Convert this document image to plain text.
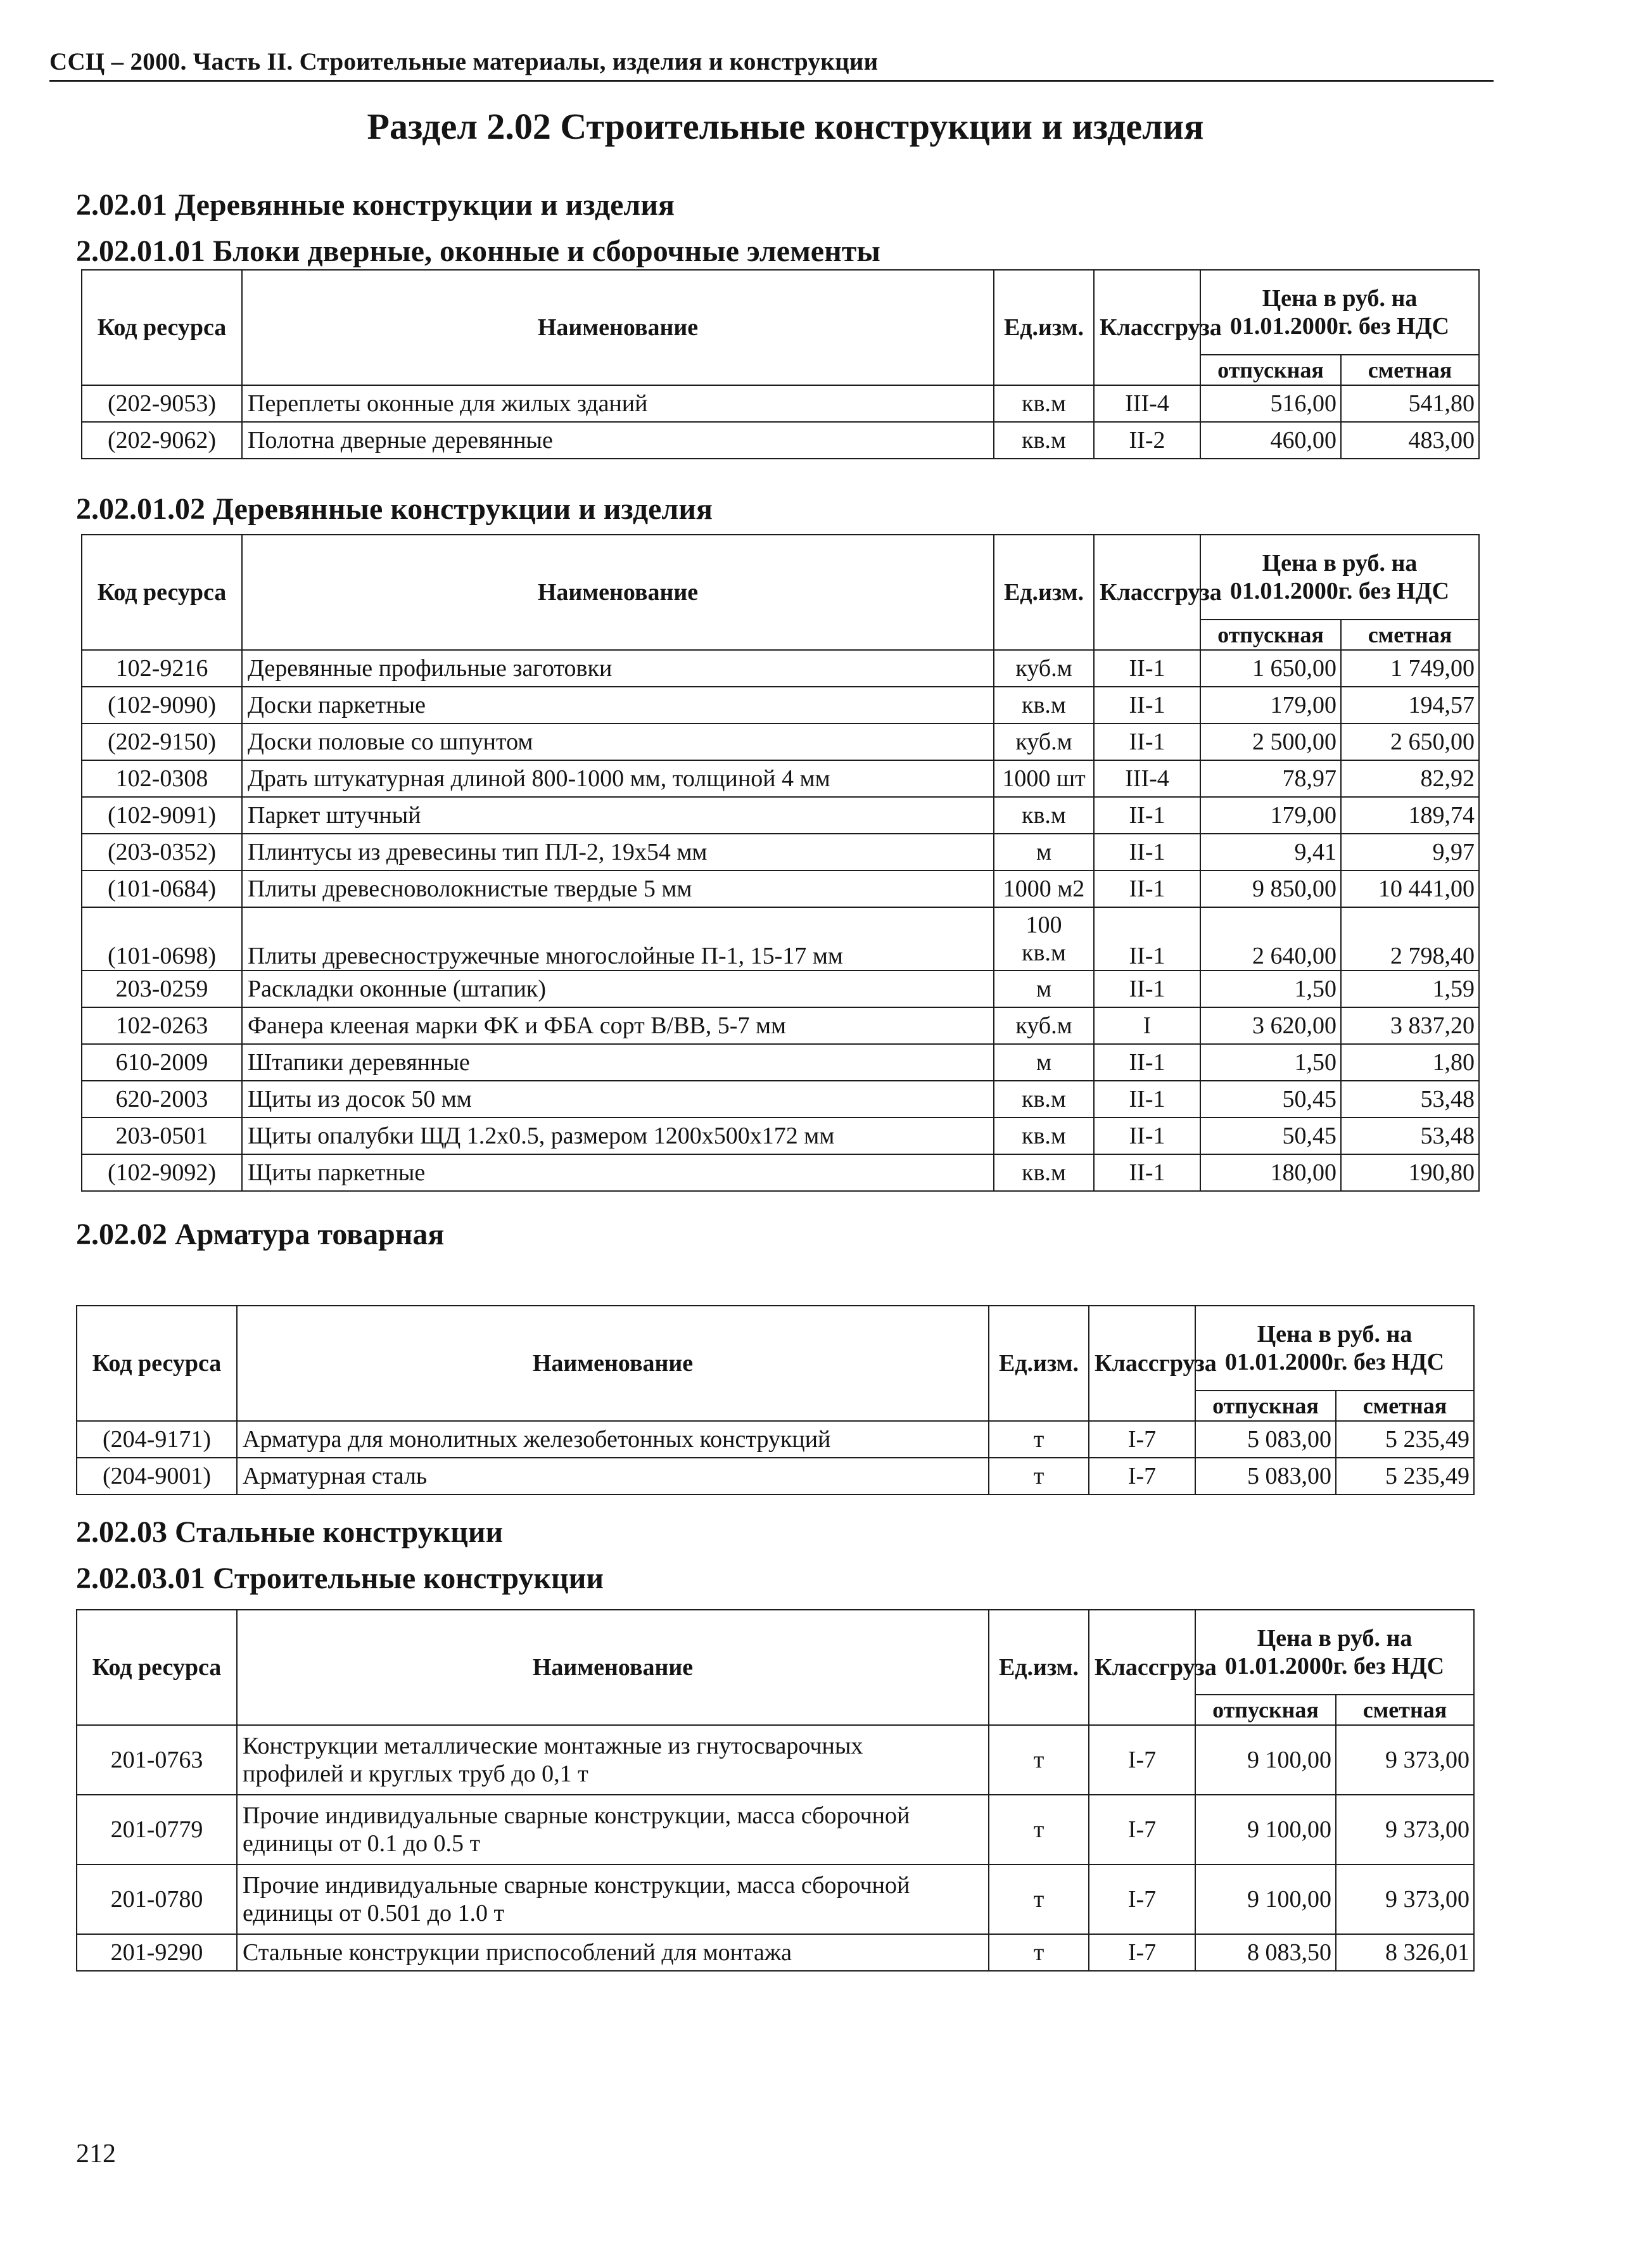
ССЦ – 2000. Часть II. Строительные материалы, изделия и конструкции
Раздел 2.02 Строительные конструкции и изделия
2.02.01 Деревянные конструкции и изделия
2.02.01.01 Блоки дверные, оконные и сборочные элементы
Код ресурса	Наименование	Ед.изм.	Классгруза	Цена в руб. на
01.01.2000г. без НДС	

				отпускная	сметная
(202-9053)	Переплеты оконные для жилых зданий	кв.м	III-4	516,00	541,80
(202-9062)	Полотна дверные деревянные	кв.м	II-2	460,00	483,00
2.02.01.02 Деревянные конструкции и изделия
Код ресурса	Наименование	Ед.изм.	Классгруза	Цена в руб. на
01.01.2000г. без НДС	

				отпускная	сметная
102-9216	Деревянные профильные заготовки	куб.м	II-1	1 650,00	1 749,00
(102-9090)	Доски паркетные	кв.м	II-1	179,00	194,57
(202-9150)	Доски половые со шпунтом	куб.м	II-1	2 500,00	2 650,00
102-0308	Драть штукатурная длиной 800-1000 мм, толщиной 4 мм	1000 шт	III-4	78,97	82,92
(102-9091)	Паркет штучный	кв.м	II-1	179,00	189,74
(203-0352)	Плинтусы из древесины тип ПЛ-2, 19х54 мм	м	II-1	9,41	9,97
(101-0684)	Плиты древесноволокнистые твердые 5 мм	1000 м2	II-1	9 850,00	10 441,00
(101-0698)	Плиты древесностружечные многослойные П-1, 15-17 мм	100
кв.м	II-1	2 640,00	2 798,40
203-0259	Раскладки оконные (штапик)	м	II-1	1,50	1,59
102-0263	Фанера клееная марки ФК и ФБА сорт В/ВВ, 5-7 мм	куб.м	I	3 620,00	3 837,20
610-2009	Штапики деревянные	м	II-1	1,50	1,80
620-2003	Щиты из досок 50 мм	кв.м	II-1	50,45	53,48
203-0501	Щиты опалубки ЩД 1.2х0.5, размером 1200х500х172 мм	кв.м	II-1	50,45	53,48
(102-9092)	Щиты паркетные	кв.м	II-1	180,00	190,80
2.02.02 Арматура товарная
Код ресурса	Наименование	Ед.изм.	Классгруза	Цена в руб. на
01.01.2000г. без НДС	

				отпускная	сметная
(204-9171)	Арматура для монолитных железобетонных конструкций	т	I-7	5 083,00	5 235,49
(204-9001)	Арматурная сталь	т	I-7	5 083,00	5 235,49
2.02.03 Стальные конструкции
2.02.03.01 Строительные конструкции
Код ресурса	Наименование	Ед.изм.	Классгруза	Цена в руб. на
01.01.2000г. без НДС	

				отпускная	сметная
201-0763	Конструкции металлические монтажные из гнутосварочных
профилей и круглых труб до 0,1 т	т	I-7	9 100,00	9 373,00
201-0779	Прочие индивидуальные сварные конструкции, масса сборочной
единицы от 0.1 до 0.5 т	т	I-7	9 100,00	9 373,00
201-0780	Прочие индивидуальные сварные конструкции, масса сборочной
единицы от 0.501 до 1.0 т	т	I-7	9 100,00	9 373,00
201-9290	Стальные конструкции приспособлений для монтажа	т	I-7	8 083,50	8 326,01
212
